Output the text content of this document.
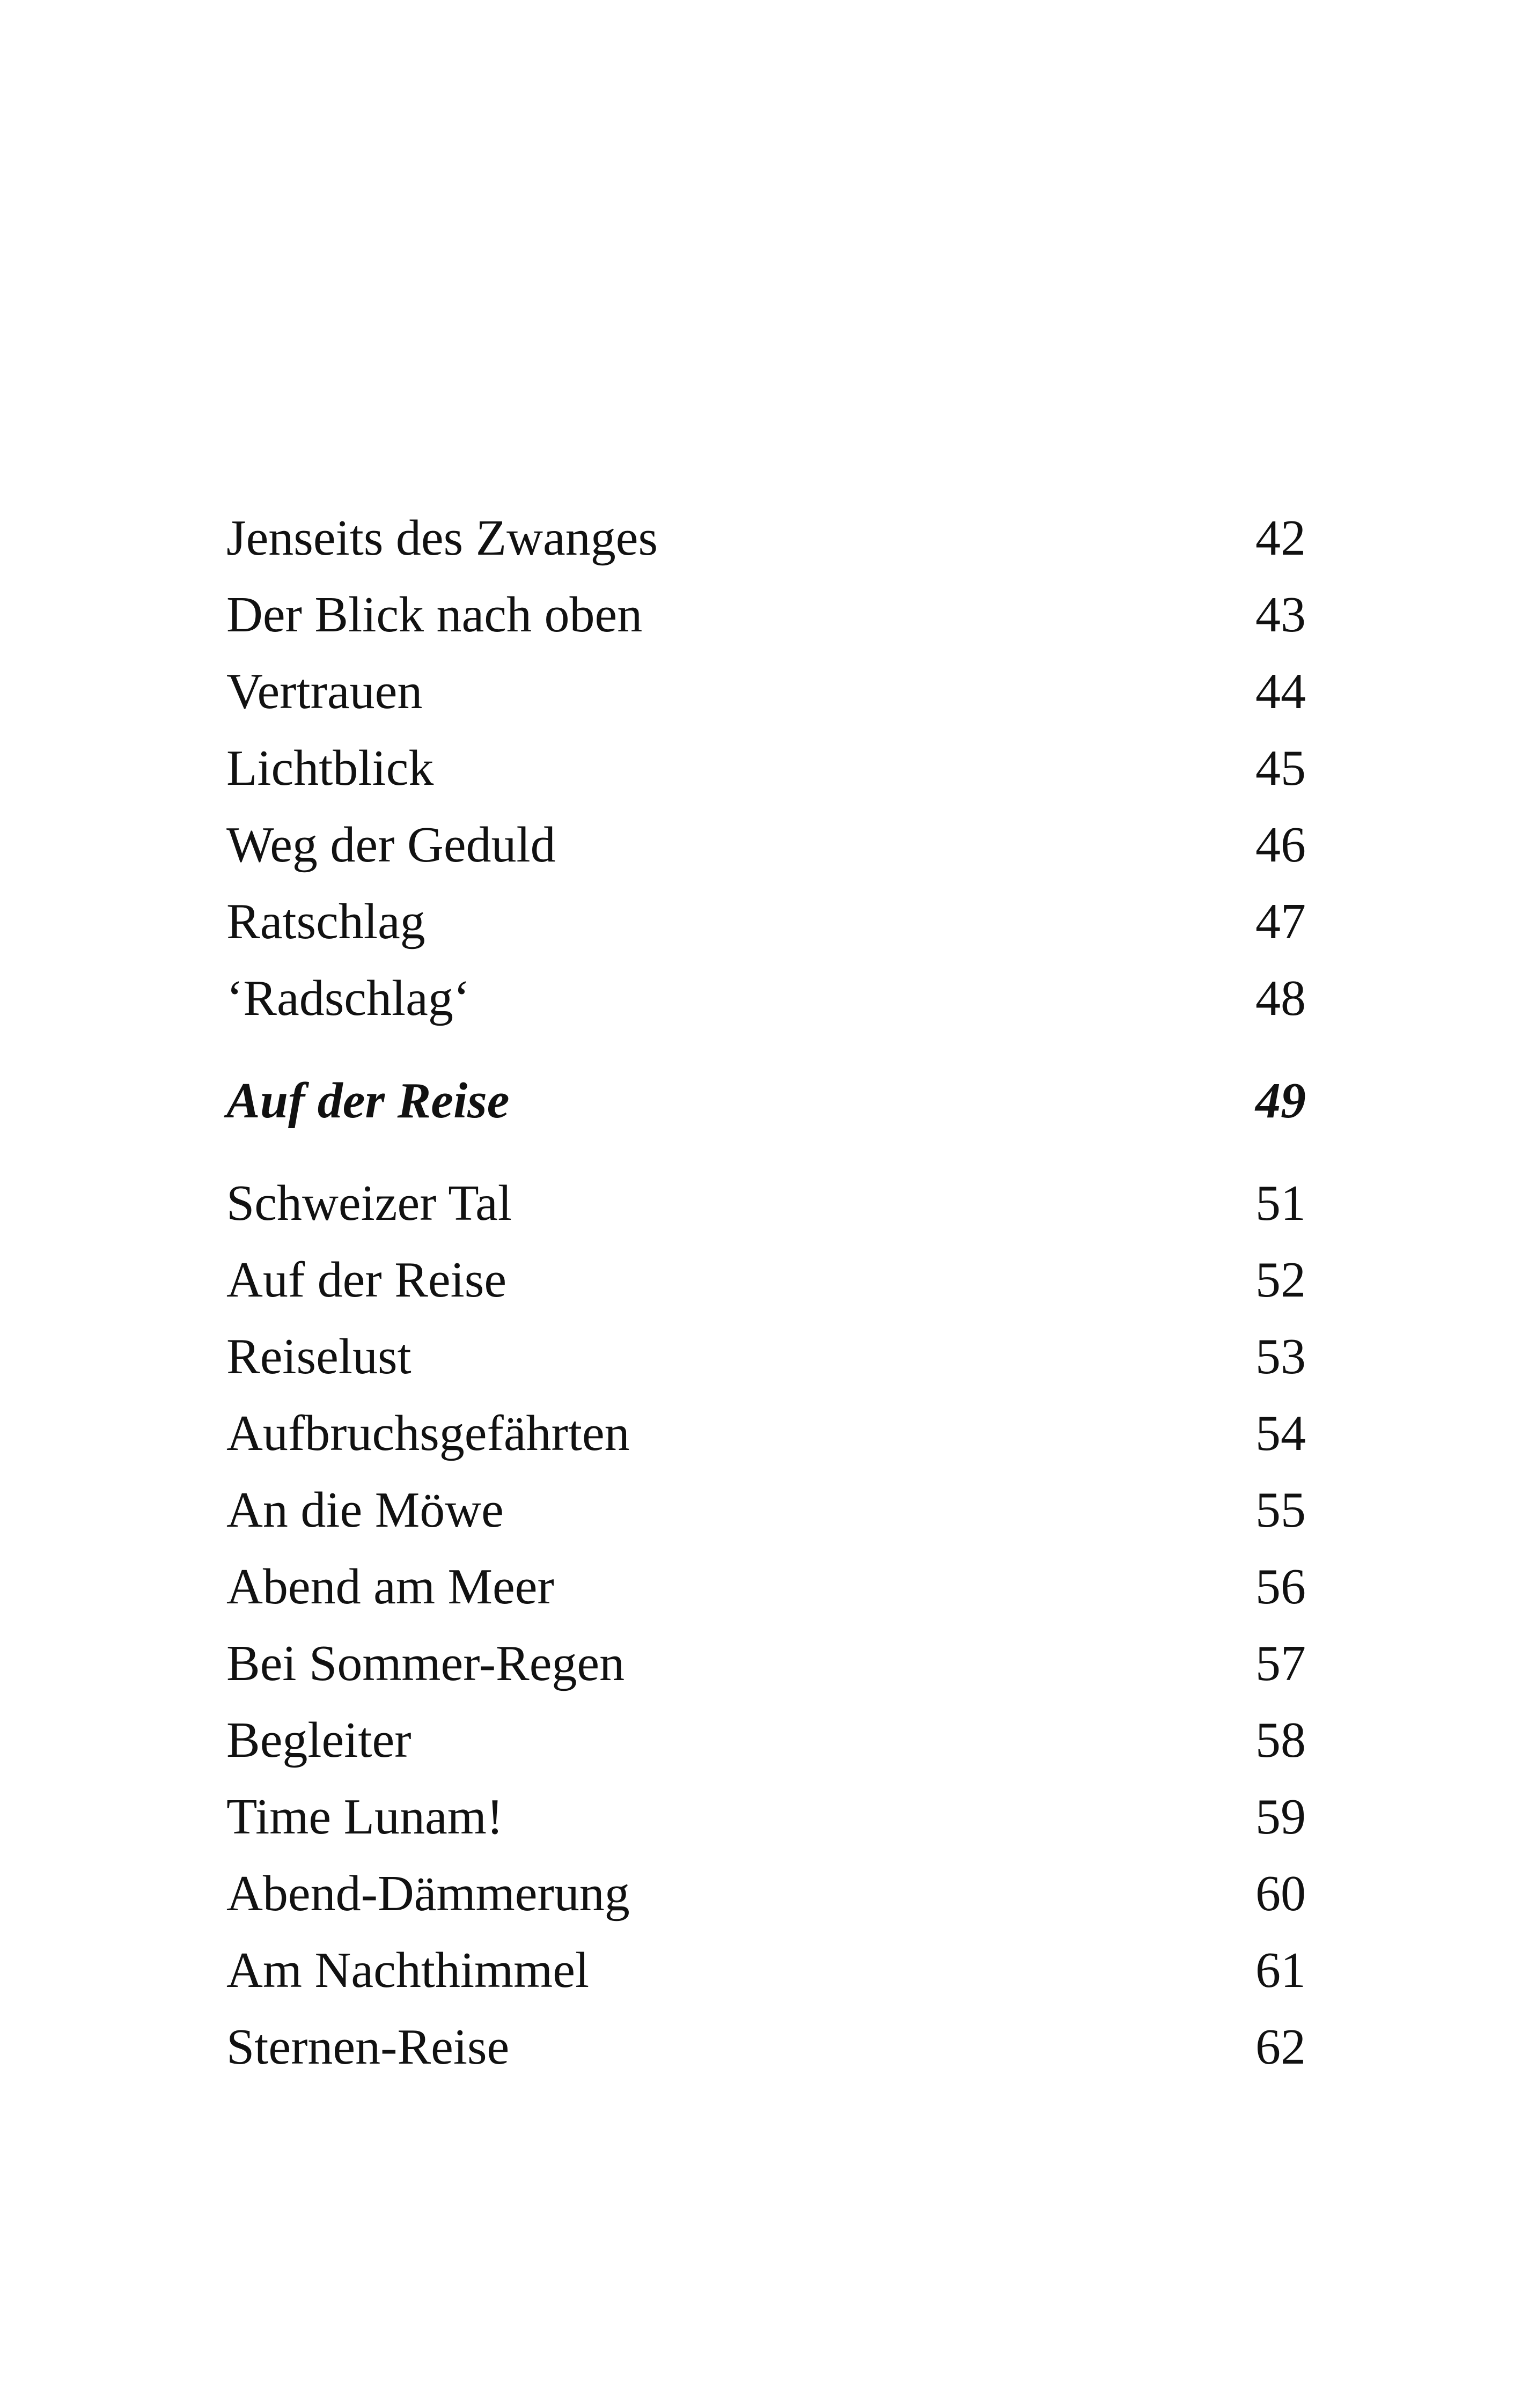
Jenseits des Zwanges	42
Der Blick nach oben	43
Vertrauen	44
Lichtblick	45
Weg der Geduld	46
Ratschlag	47
‘Radschlag‘	48
Auf der Reise	49
Schweizer Tal	51
Auf der Reise	52
Reiselust	53
Aufbruchsgefährten	54
An die Möwe	55
Abend am Meer	56
Bei Sommer-Regen	57
Begleiter	58
Time Lunam!	59
Abend-Dämmerung	60
Am Nachthimmel	61
Sternen-Reise	62
